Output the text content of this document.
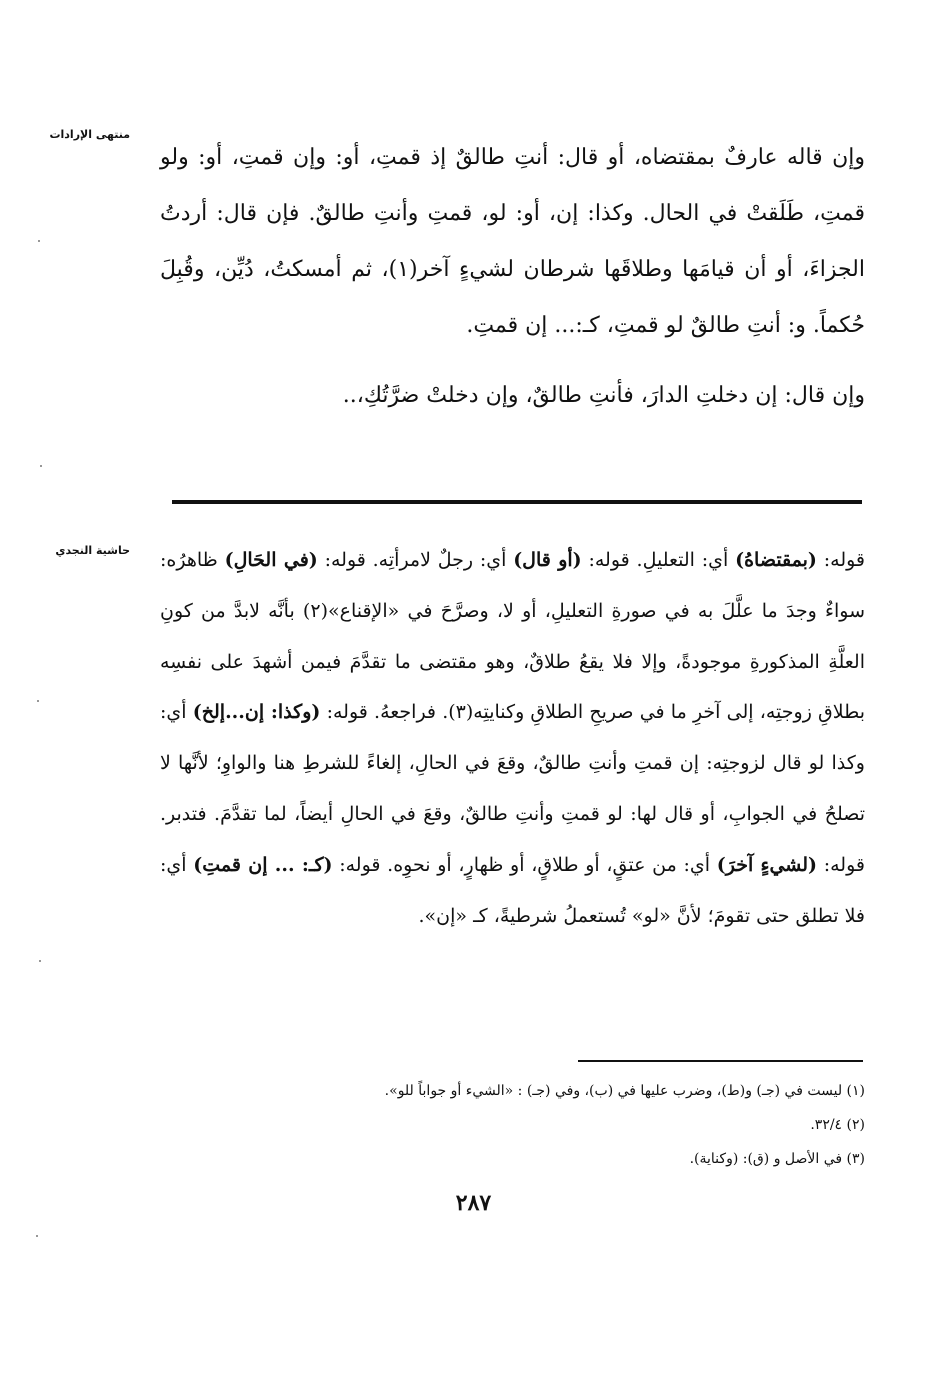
منتهى الإرادات

وإن قاله عارفٌ بمقتضاه، أو قال: أنتِ طالقٌ إذ قمتِ، أو: وإن قمتِ، أو: ولو قمتِ، طَلَقتْ في الحال. وكذا: إن، أو: لو، قمتِ وأنتِ طالقٌ. فإن قال: أردتُ الجزاءَ، أو أن قيامَها وطلاقَها شرطان لشيءٍ آخر(١)، ثم أمسكتُ، دُيِّن، وقُبِلَ حُكماً. و: أنتِ طالقٌ لو قمتِ، كـ:... إن قمتِ.

وإن قال: إن دخلتِ الدارَ، فأنتِ طالقٌ، وإن دخلتْ ضرَّتُكِ،..

حاشية النجدي	قوله: (بمقتضاهُ) أي: التعليلِ. قوله: (أو قال) أي: رجلٌ لامرأتِه. قوله: (في الحَالِ) ظاهرُه: سواءٌ وجدَ ما علَّلَ به في صورةِ التعليلِ، أو لا، وصرَّحَ في «الإقناع»(٢) بأنَّه لابدَّ من كونِ العلَّةِ المذكورةِ موجودةً، وإلا فلا يقعُ طلاقٌ، وهو مقتضى ما تقدَّمَ فيمن أشهدَ على نفسِه بطلاقِ زوجتِه، إلى آخرِ ما في صريحِ الطلاقِ وكنايتِه(٣). فراجعهُ. قوله: (وكذا: إن...إلخ) أي: وكذا لو قال لزوجتِه: إن قمتِ وأنتِ طالقٌ، وقعَ في الحالِ، إلغاءً للشرطِ هنا والواوِ؛ لأنَّها لا تصلحُ في الجوابِ، أو قال لها: لو قمتِ وأنتِ طالقٌ، وقعَ في الحالِ أيضاً، لما تقدَّمَ. فتدبر. قوله: (لشيءٍ آخرَ) أي: من عتقٍ، أو طلاقٍ، أو ظهارٍ، أو نحوِه. قوله: (كـ: ... إن قمتِ) أي: فلا تطلق حتى تقومَ؛ لأنَّ «لو» تُستعملُ شرطيةً، كـ «إن».

(١) ليست في (جـ) و(ط)، وضرب عليها في (ب)، وفي (جـ) : «الشيء أو جواباً للو».

(٢) ٣٢/٤.

(٣) في الأصل و (ق): (وكناية).

٢٨٧
